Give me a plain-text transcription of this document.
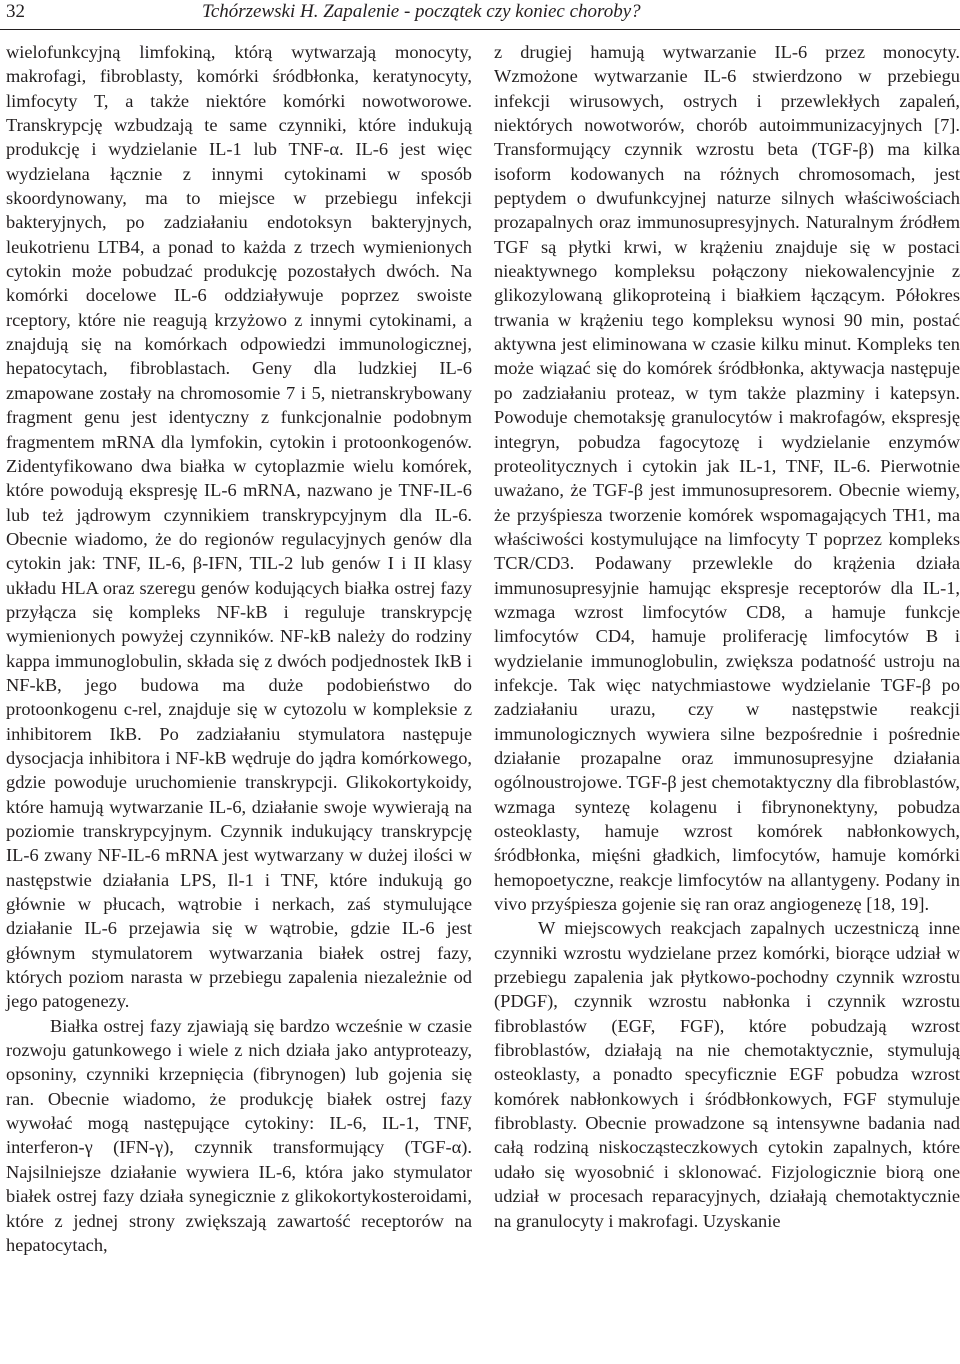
32	Tchórzewski H. Zapalenie - początek czy koniec choroby?

wielofunkcyjną limfokiną, którą wytwarzają monocyty, makrofagi, fibroblasty, komórki śródbłonka, keratynocyty, limfocyty T, a także niektóre komórki nowotworowe. Transkrypcję wzbudzają te same czynniki, które indukują produkcję i wydzielanie IL-1 lub TNF-α. IL-6 jest więc wydzielana łącznie z innymi cytokinami w sposób skoordynowany, ma to miejsce w przebiegu infekcji bakteryjnych, po zadziałaniu endotoksyn bakteryjnych, leukotrienu LTB4, a ponad to każda z trzech wymienionych cytokin może pobudzać produkcję pozostałych dwóch. Na komórki docelowe IL-6 oddziaływuje poprzez swoiste rceptory, które nie reagują krzyżowo z innymi cytokinami, a znajdują się na komórkach odpowiedzi immunologicznej, hepatocytach, fibroblastach. Geny dla ludzkiej IL-6 zmapowane zostały na chromosomie 7 i 5, nietranskrybowany fragment genu jest identyczny z funkcjonalnie podobnym fragmentem mRNA dla lymfokin, cytokin i protoonkogenów. Zidentyfikowano dwa białka w cytoplazmie wielu komórek, które powodują ekspresję IL-6 mRNA, nazwano je TNF-IL-6 lub też jądrowym czynnikiem transkrypcyjnym dla IL-6. Obecnie wiadomo, że do regionów regulacyjnych genów dla cytokin jak: TNF, IL-6, β-IFN, TIL-2 lub genów I i II klasy układu HLA oraz szeregu genów kodujących białka ostrej fazy przyłącza się kompleks NF-kB i reguluje transkrypcję wymienionych powyżej czynników. NF-kB należy do rodziny kappa immunoglobulin, składa się z dwóch podjednostek IkB i NF-kB, jego budowa ma duże podobieństwo do protoonkogenu c-rel, znajduje się w cytozolu w kompleksie z inhibitorem IkB. Po zadziałaniu stymulatora następuje dysocjacja inhibitora i NF-kB wędruje do jądra komórkowego, gdzie powoduje uruchomienie transkrypcji. Glikokortykoidy, które hamują wytwarzanie IL-6, działanie swoje wywierają na poziomie transkrypcyjnym. Czynnik indukujący transkrypcję IL-6 zwany NF-IL-6 mRNA jest wytwarzany w dużej ilości w następstwie działania LPS, Il-1 i TNF, które indukują go głównie w płucach, wątrobie i nerkach, zaś stymulujące działanie IL-6 przejawia się w wątrobie, gdzie IL-6 jest głównym stymulatorem wytwarzania białek ostrej fazy, których poziom narasta w przebiegu zapalenia niezależnie od jego patogenezy.

Białka ostrej fazy zjawiają się bardzo wcześnie w czasie rozwoju gatunkowego i wiele z nich działa jako antyproteazy, opsoniny, czynniki krzepnięcia (fibrynogen) lub gojenia się ran. Obecnie wiadomo, że produkcję białek ostrej fazy wywołać mogą następujące cytokiny: IL-6, IL-1, TNF, interferon-γ (IFN-γ), czynnik transformujący (TGF-α). Najsilniejsze działanie wywiera IL-6, która jako stymulator białek ostrej fazy działa synegicznie z glikokortykosteroidami, które z jednej strony zwiększają zawartość receptorów na hepatocytach,

z drugiej hamują wytwarzanie IL-6 przez monocyty. Wzmożone wytwarzanie IL-6 stwierdzono w przebiegu infekcji wirusowych, ostrych i przewlekłych zapaleń, niektórych nowotworów, chorób autoimmunizacyjnych [7]. Transformujący czynnik wzrostu beta (TGF-β) ma kilka isoform kodowanych na różnych chromosomach, jest peptydem o dwufunkcyjnej naturze silnych właściwościach prozapalnych oraz immunosupresyjnych. Naturalnym źródłem TGF są płytki krwi, w krążeniu znajduje się w postaci nieaktywnego kompleksu połączony niekowalencyjnie z glikozylowaną glikoproteiną i białkiem łączącym. Półokres trwania w krążeniu tego kompleksu wynosi 90 min, postać aktywna jest eliminowana w czasie kilku minut. Kompleks ten może wiązać się do komórek śródbłonka, aktywacja następuje po zadziałaniu proteaz, w tym także plazminy i katepsyn. Powoduje chemotaksję granulocytów i makrofagów, ekspresję integryn, pobudza fagocytozę i wydzielanie enzymów proteolitycznych i cytokin jak IL-1, TNF, IL-6. Pierwotnie uważano, że TGF-β jest immunosupresorem. Obecnie wiemy, że przyśpiesza tworzenie komórek wspomagających TH1, ma właściwości kostymulujące na limfocyty T poprzez kompleks TCR/CD3. Podawany przewlekle do krążenia działa immunosupresyjnie hamując ekspresje receptorów dla IL-1, wzmaga wzrost limfocytów CD8, a hamuje funkcje limfocytów CD4, hamuje proliferację limfocytów B i wydzielanie immunoglobulin, zwiększa podatność ustroju na infekcje. Tak więc natychmiastowe wydzielanie TGF-β po zadziałaniu urazu, czy w następstwie reakcji immunologicznych wywiera silne bezpośrednie i pośrednie działanie prozapalne oraz immunosupresyjne działania ogólnoustrojowe. TGF-β jest chemotaktyczny dla fibroblastów, wzmaga syntezę kolagenu i fibrynonektyny, pobudza osteoklasty, hamuje wzrost komórek nabłonkowych, śródbłonka, mięśni gładkich, limfocytów, hamuje komórki hemopoetyczne, reakcje limfocytów na allantygeny. Podany in vivo przyśpiesza gojenie się ran oraz angiogenezę [18, 19].

W miejscowych reakcjach zapalnych uczestniczą inne czynniki wzrostu wydzielane przez komórki, biorące udział w przebiegu zapalenia jak płytkowo-pochodny czynnik wzrostu (PDGF), czynnik wzrostu nabłonka i czynnik wzrostu fibroblastów (EGF, FGF), które pobudzają wzrost fibroblastów, działają na nie chemotaktycznie, stymulują osteoklasty, a ponadto specyficznie EGF pobudza wzrost komórek nabłonkowych i śródbłonkowych, FGF stymuluje fibroblasty. Obecnie prowadzone są intensywne badania nad całą rodziną niskocząsteczkowych cytokin zapalnych, które udało się wyosobnić i sklonować. Fizjologicznie biorą one udział w procesach reparacyjnych, działają chemotaktycznie na granulocyty i makrofagi. Uzyskanie
